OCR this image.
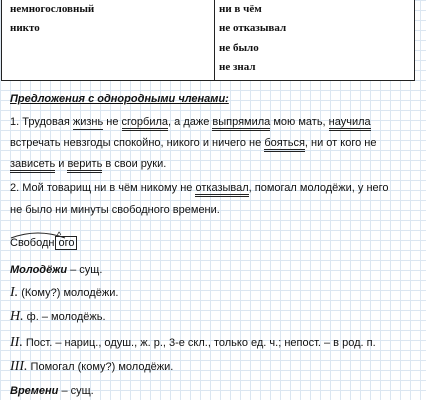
немногословный
никто
ни в чём
не отказывал
не было
не знал
Предложения с однородными членами:
1. Трудовая жизнь не сгорбила, а даже выпрямила мою мать, научила
встречать невзгоды спокойно, никого и ничего не бояться, ни от кого не
зависеть и верить в свои руки.
2. Мой товарищ ни в чём никому не отказывал, помогал молодёжи, у него
не было ни минуты свободного времени.
Свободн
^
ого
Молодёжи – сущ.
I. (Кому?) молодёжи.
Н. ф. – молодёжь.
II. Пост. – нариц., одуш., ж. р., 3-е скл., только ед. ч.; непост. – в род. п.
III. Помогал (кому?) молодёжи.
Времени – сущ.
